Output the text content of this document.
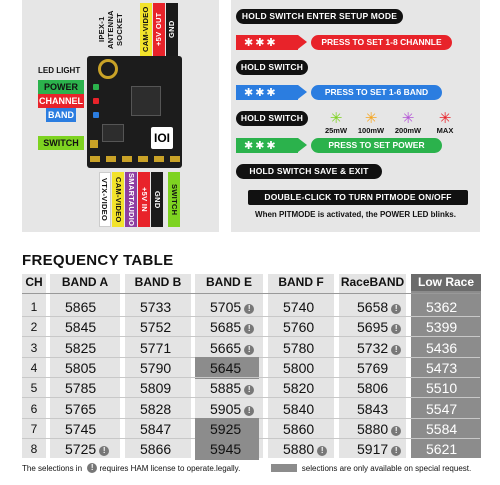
IPEX-1 ANTENNA SOCKET CAM-VIDEO +5V OUT GND
VTX-VIDEO CAM-VIDEO SMARTAUDIO +5V IN GND SWITCH
IOI
LED LIGHT
POWER
CHANNEL
BAND
SWITCH
HOLD SWITCH ENTER SETUP MODE
✱✱✱	PRESS TO SET 1-8 CHANNLE
HOLD SWITCH
✱✱✱	PRESS TO SET 1-6 BAND
HOLD SWITCH	✳
25mW
✳
100mW
✳
200mW
✳
MAX
✱✱✱	PRESS TO SET POWER
HOLD SWITCH SAVE & EXIT
DOUBLE-CLICK TO TURN PITMODE ON/OFF
When PITMODE is activated, the POWER LED blinks.
FREQUENCY TABLE
CH	BAND A	BAND B	BAND E	BAND F	RaceBAND	Low Race
1	5865	5733	5705 !	5740	5658 !	5362
2	5845	5752	5685 !	5760	5695 !	5399
3	5825	5771	5665 !	5780	5732 !	5436
4	5805	5790	5645	5800	5769	5473
5	5785	5809	5885 !	5820	5806	5510
6	5765	5828	5905 !	5840	5843	5547
7	5745	5847	5925	5860	5880 !	5584
8	5725 !	5866	5945	5880 !	5917 !	5621
The selections in ! requires HAM license to operate.legally.	selections are only available on special request.
